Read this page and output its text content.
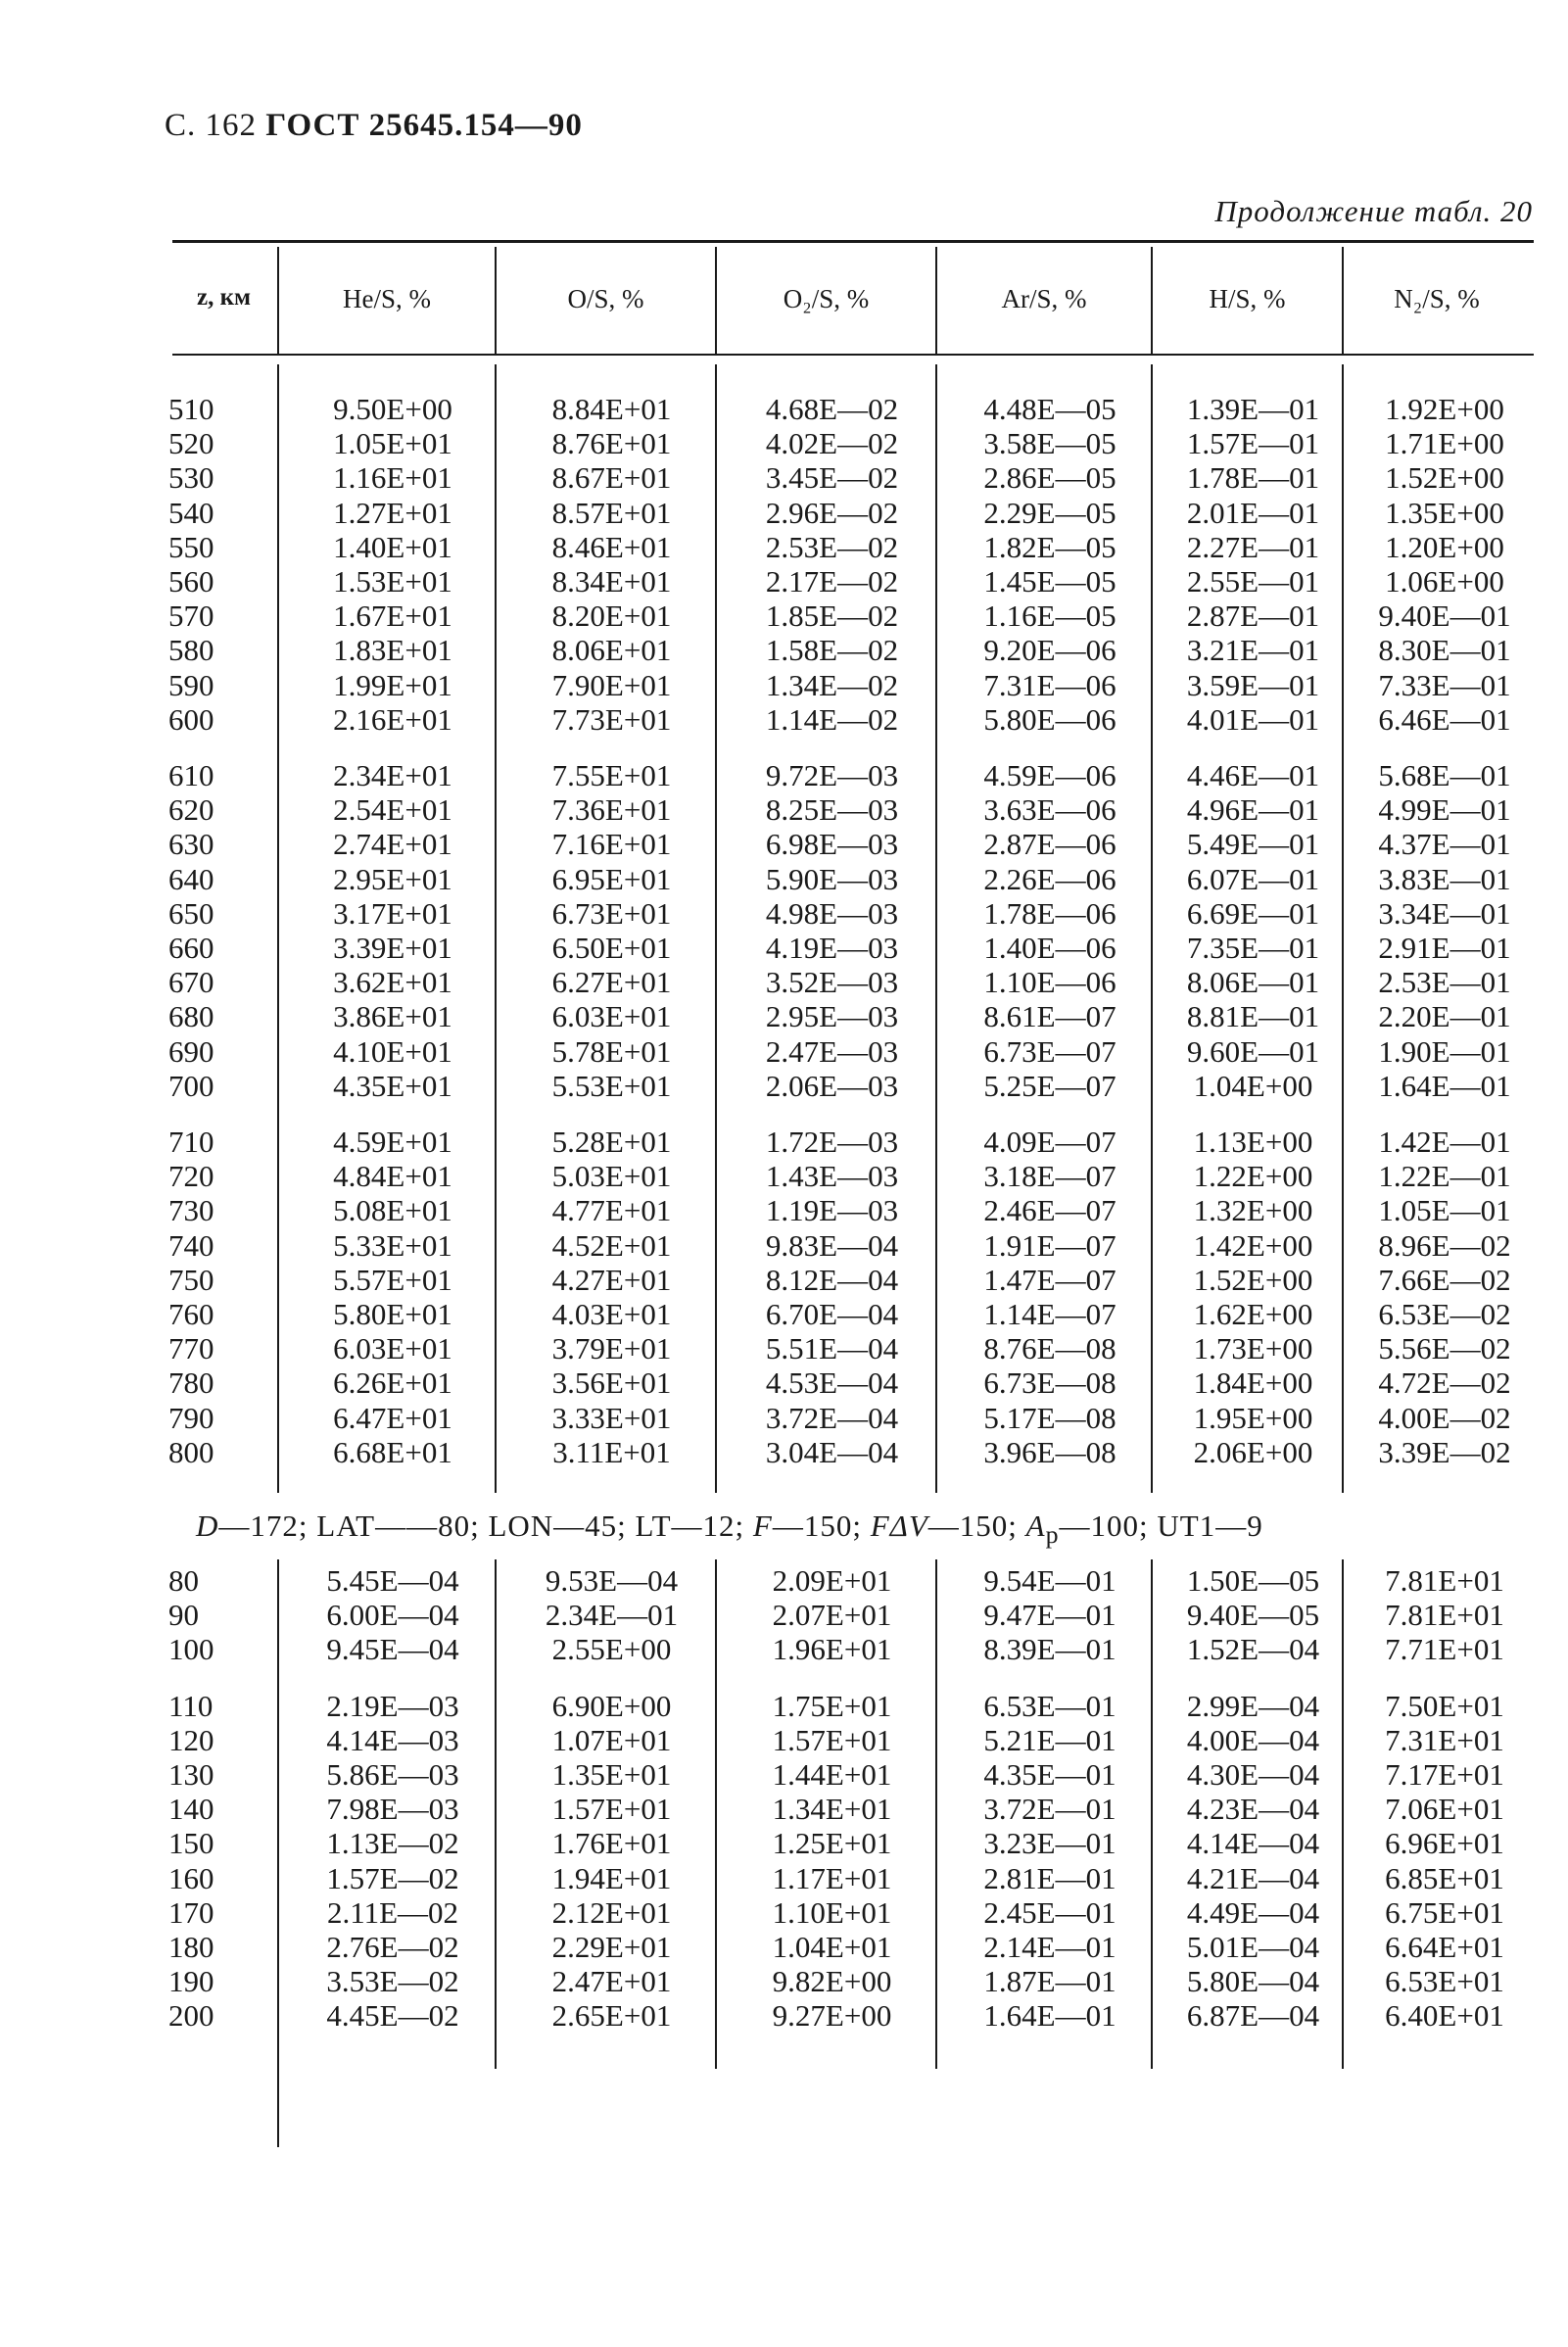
С. 162 ГОСТ 25645.154—90
Продолжение табл. 20
z, км	He/S, %	O/S, %	O₂/S, %	Ar/S, %	H/S, %	N₂/S, %
510	9.50E+00	8.84E+01	4.68E—02	4.48E—05	1.39E—01	1.92E+00
520	1.05E+01	8.76E+01	4.02E—02	3.58E—05	1.57E—01	1.71E+00
530	1.16E+01	8.67E+01	3.45E—02	2.86E—05	1.78E—01	1.52E+00
540	1.27E+01	8.57E+01	2.96E—02	2.29E—05	2.01E—01	1.35E+00
550	1.40E+01	8.46E+01	2.53E—02	1.82E—05	2.27E—01	1.20E+00
560	1.53E+01	8.34E+01	2.17E—02	1.45E—05	2.55E—01	1.06E+00
570	1.67E+01	8.20E+01	1.85E—02	1.16E—05	2.87E—01	9.40E—01
580	1.83E+01	8.06E+01	1.58E—02	9.20E—06	3.21E—01	8.30E—01
590	1.99E+01	7.90E+01	1.34E—02	7.31E—06	3.59E—01	7.33E—01
600	2.16E+01	7.73E+01	1.14E—02	5.80E—06	4.01E—01	6.46E—01

610	2.34E+01	7.55E+01	9.72E—03	4.59E—06	4.46E—01	5.68E—01
620	2.54E+01	7.36E+01	8.25E—03	3.63E—06	4.96E—01	4.99E—01
630	2.74E+01	7.16E+01	6.98E—03	2.87E—06	5.49E—01	4.37E—01
640	2.95E+01	6.95E+01	5.90E—03	2.26E—06	6.07E—01	3.83E—01
650	3.17E+01	6.73E+01	4.98E—03	1.78E—06	6.69E—01	3.34E—01
660	3.39E+01	6.50E+01	4.19E—03	1.40E—06	7.35E—01	2.91E—01
670	3.62E+01	6.27E+01	3.52E—03	1.10E—06	8.06E—01	2.53E—01
680	3.86E+01	6.03E+01	2.95E—03	8.61E—07	8.81E—01	2.20E—01
690	4.10E+01	5.78E+01	2.47E—03	6.73E—07	9.60E—01	1.90E—01
700	4.35E+01	5.53E+01	2.06E—03	5.25E—07	1.04E+00	1.64E—01

710	4.59E+01	5.28E+01	1.72E—03	4.09E—07	1.13E+00	1.42E—01
720	4.84E+01	5.03E+01	1.43E—03	3.18E—07	1.22E+00	1.22E—01
730	5.08E+01	4.77E+01	1.19E—03	2.46E—07	1.32E+00	1.05E—01
740	5.33E+01	4.52E+01	9.83E—04	1.91E—07	1.42E+00	8.96E—02
750	5.57E+01	4.27E+01	8.12E—04	1.47E—07	1.52E+00	7.66E—02
760	5.80E+01	4.03E+01	6.70E—04	1.14E—07	1.62E+00	6.53E—02
770	6.03E+01	3.79E+01	5.51E—04	8.76E—08	1.73E+00	5.56E—02
780	6.26E+01	3.56E+01	4.53E—04	6.73E—08	1.84E+00	4.72E—02
790	6.47E+01	3.33E+01	3.72E—04	5.17E—08	1.95E+00	4.00E—02
800	6.68E+01	3.11E+01	3.04E—04	3.96E—08	2.06E+00	3.39E—02
D—172; LAT——80; LON—45; LT—12; F—150; FΔV—150; $A_p—100$; UT1—9
80	5.45E—04	9.53E—04	2.09E+01	9.54E—01	1.50E—05	7.81E+01
90	6.00E—04	2.34E—01	2.07E+01	9.47E—01	9.40E—05	7.81E+01
100	9.45E—04	2.55E+00	1.96E+01	8.39E—01	1.52E—04	7.71E+01

110	2.19E—03	6.90E+00	1.75E+01	6.53E—01	2.99E—04	7.50E+01
120	4.14E—03	1.07E+01	1.57E+01	5.21E—01	4.00E—04	7.31E+01
130	5.86E—03	1.35E+01	1.44E+01	4.35E—01	4.30E—04	7.17E+01
140	7.98E—03	1.57E+01	1.34E+01	3.72E—01	4.23E—04	7.06E+01
150	1.13E—02	1.76E+01	1.25E+01	3.23E—01	4.14E—04	6.96E+01
160	1.57E—02	1.94E+01	1.17E+01	2.81E—01	4.21E—04	6.85E+01
170	2.11E—02	2.12E+01	1.10E+01	2.45E—01	4.49E—04	6.75E+01
180	2.76E—02	2.29E+01	1.04E+01	2.14E—01	5.01E—04	6.64E+01
190	3.53E—02	2.47E+01	9.82E+00	1.87E—01	5.80E—04	6.53E+01
200	4.45E—02	2.65E+01	9.27E+00	1.64E—01	6.87E—04	6.40E+01
